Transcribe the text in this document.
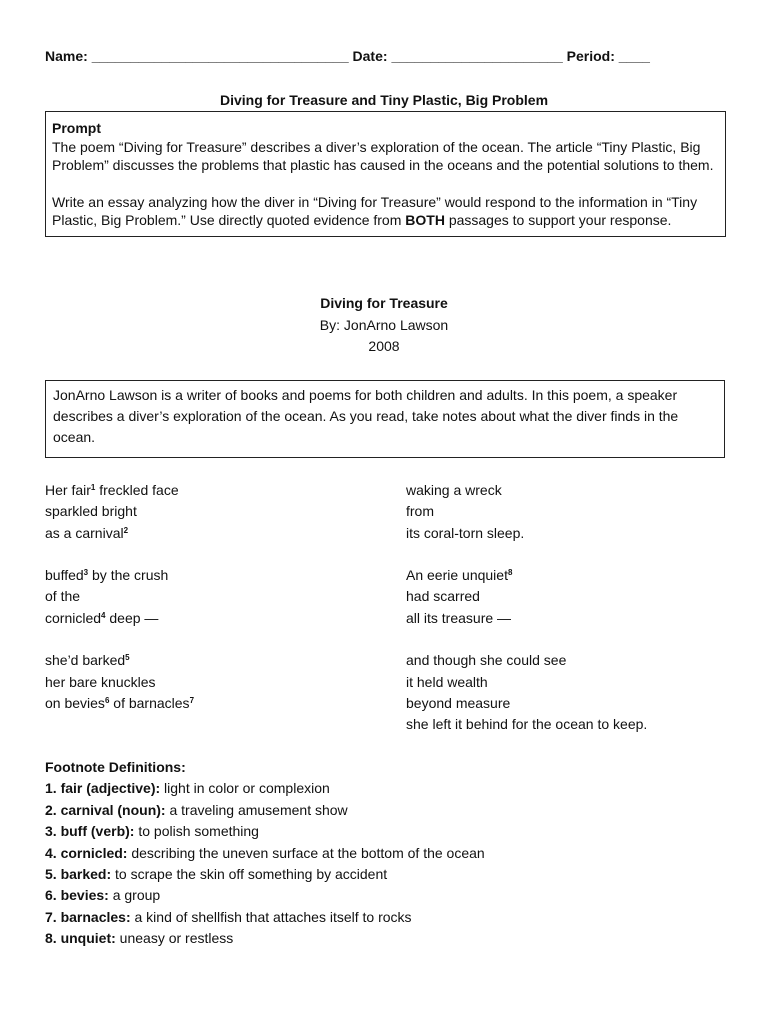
Name: _________________________________ Date: ______________________ Period: ____
Diving for Treasure and Tiny Plastic, Big Problem
Prompt

The poem “Diving for Treasure” describes a diver’s exploration of the ocean. The article “Tiny Plastic, Big Problem” discusses the problems that plastic has caused in the oceans and the potential solutions to them.

Write an essay analyzing how the diver in “Diving for Treasure” would respond to the information in “Tiny Plastic, Big Problem.” Use directly quoted evidence from BOTH passages to support your response.

Diving for Treasure
By: JonArno Lawson
2008
JonArno Lawson is a writer of books and poems for both children and adults. In this poem, a speaker describes a diver’s exploration of the ocean. As you read, take notes about what the diver finds in the ocean.
Her fair$^1$ freckled face
sparkled bright
as a carnival$^2$
buffed$^3$ by the crush
of the
cornicled$^4$ deep —
she’d barked$^5$
her bare knuckles
on bevies$^6$ of barnacles$^7$
waking a wreck
from
its coral-torn sleep.
An eerie unquiet$^8$
had scarred
all its treasure —
and though she could see
it held wealth
beyond measure
she left it behind for the ocean to keep.
Footnote Definitions:
1. fair (adjective): light in color or complexion
2. carnival (noun): a traveling amusement show
3. buff (verb): to polish something
4. cornicled: describing the uneven surface at the bottom of the ocean
5. barked: to scrape the skin off something by accident
6. bevies: a group
7. barnacles: a kind of shellfish that attaches itself to rocks
8. unquiet: uneasy or restless
